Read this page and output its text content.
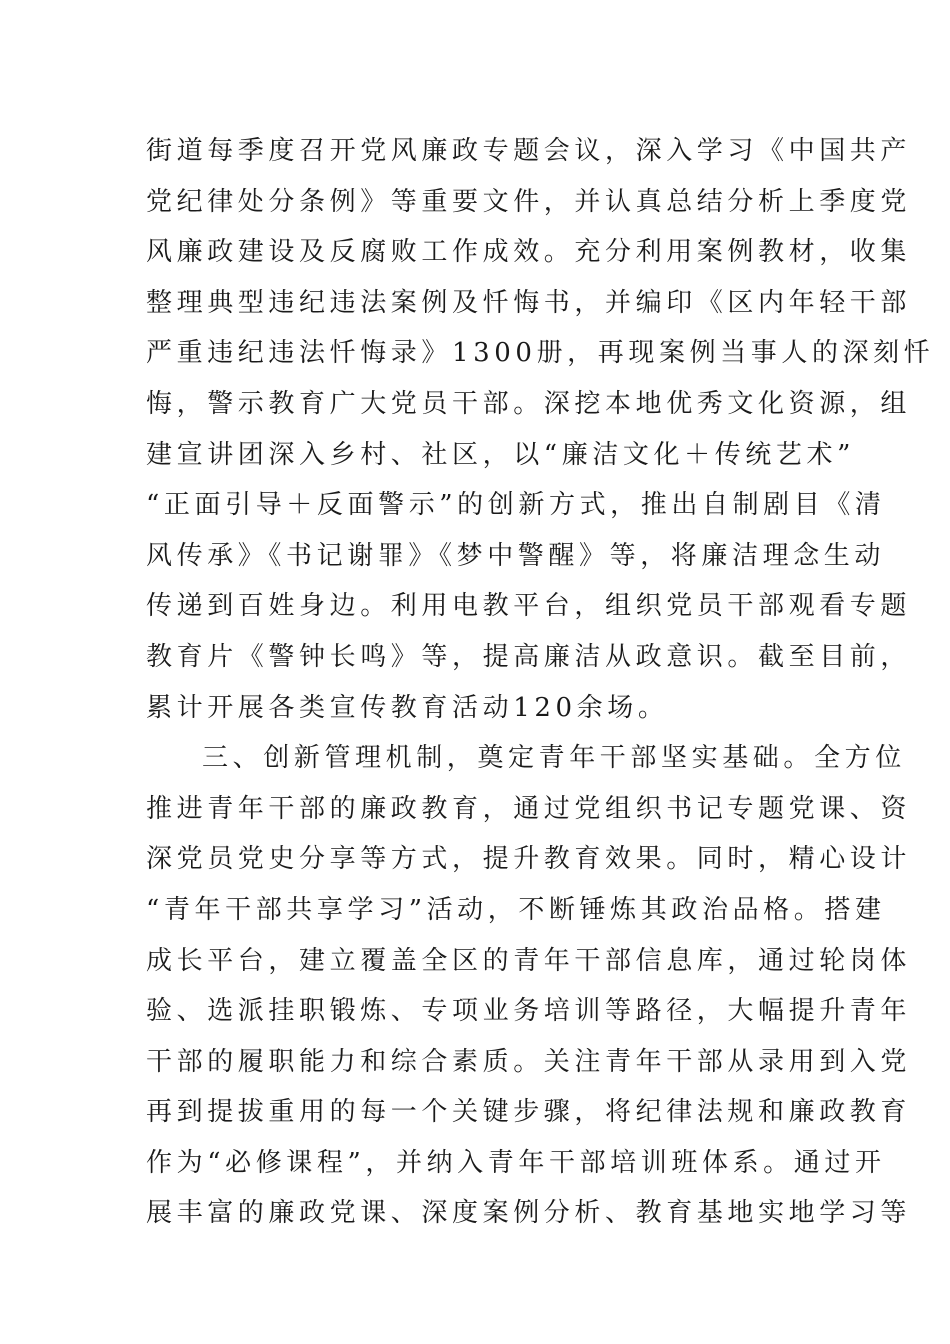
街道每季度召开党风廉政专题会议，深入学习《中国共产
党纪律处分条例》等重要文件，并认真总结分析上季度党
风廉政建设及反腐败工作成效。充分利用案例教材，收集
整理典型违纪违法案例及忏悔书，并编印《区内年轻干部
严重违纪违法忏悔录》1300册，再现案例当事人的深刻忏
悔，警示教育广大党员干部。深挖本地优秀文化资源，组
建宣讲团深入乡村、社区，以“廉洁文化＋传统艺术”
“正面引导＋反面警示”的创新方式，推出自制剧目《清
风传承》《书记谢罪》《梦中警醒》等，将廉洁理念生动
传递到百姓身边。利用电教平台，组织党员干部观看专题
教育片《警钟长鸣》等，提高廉洁从政意识。截至目前，
累计开展各类宣传教育活动120余场。
三、创新管理机制，奠定青年干部坚实基础。全方位
推进青年干部的廉政教育，通过党组织书记专题党课、资
深党员党史分享等方式，提升教育效果。同时，精心设计
“青年干部共享学习”活动，不断锤炼其政治品格。搭建
成长平台，建立覆盖全区的青年干部信息库，通过轮岗体
验、选派挂职锻炼、专项业务培训等路径，大幅提升青年
干部的履职能力和综合素质。关注青年干部从录用到入党
再到提拔重用的每一个关键步骤，将纪律法规和廉政教育
作为“必修课程”，并纳入青年干部培训班体系。通过开
展丰富的廉政党课、深度案例分析、教育基地实地学习等
